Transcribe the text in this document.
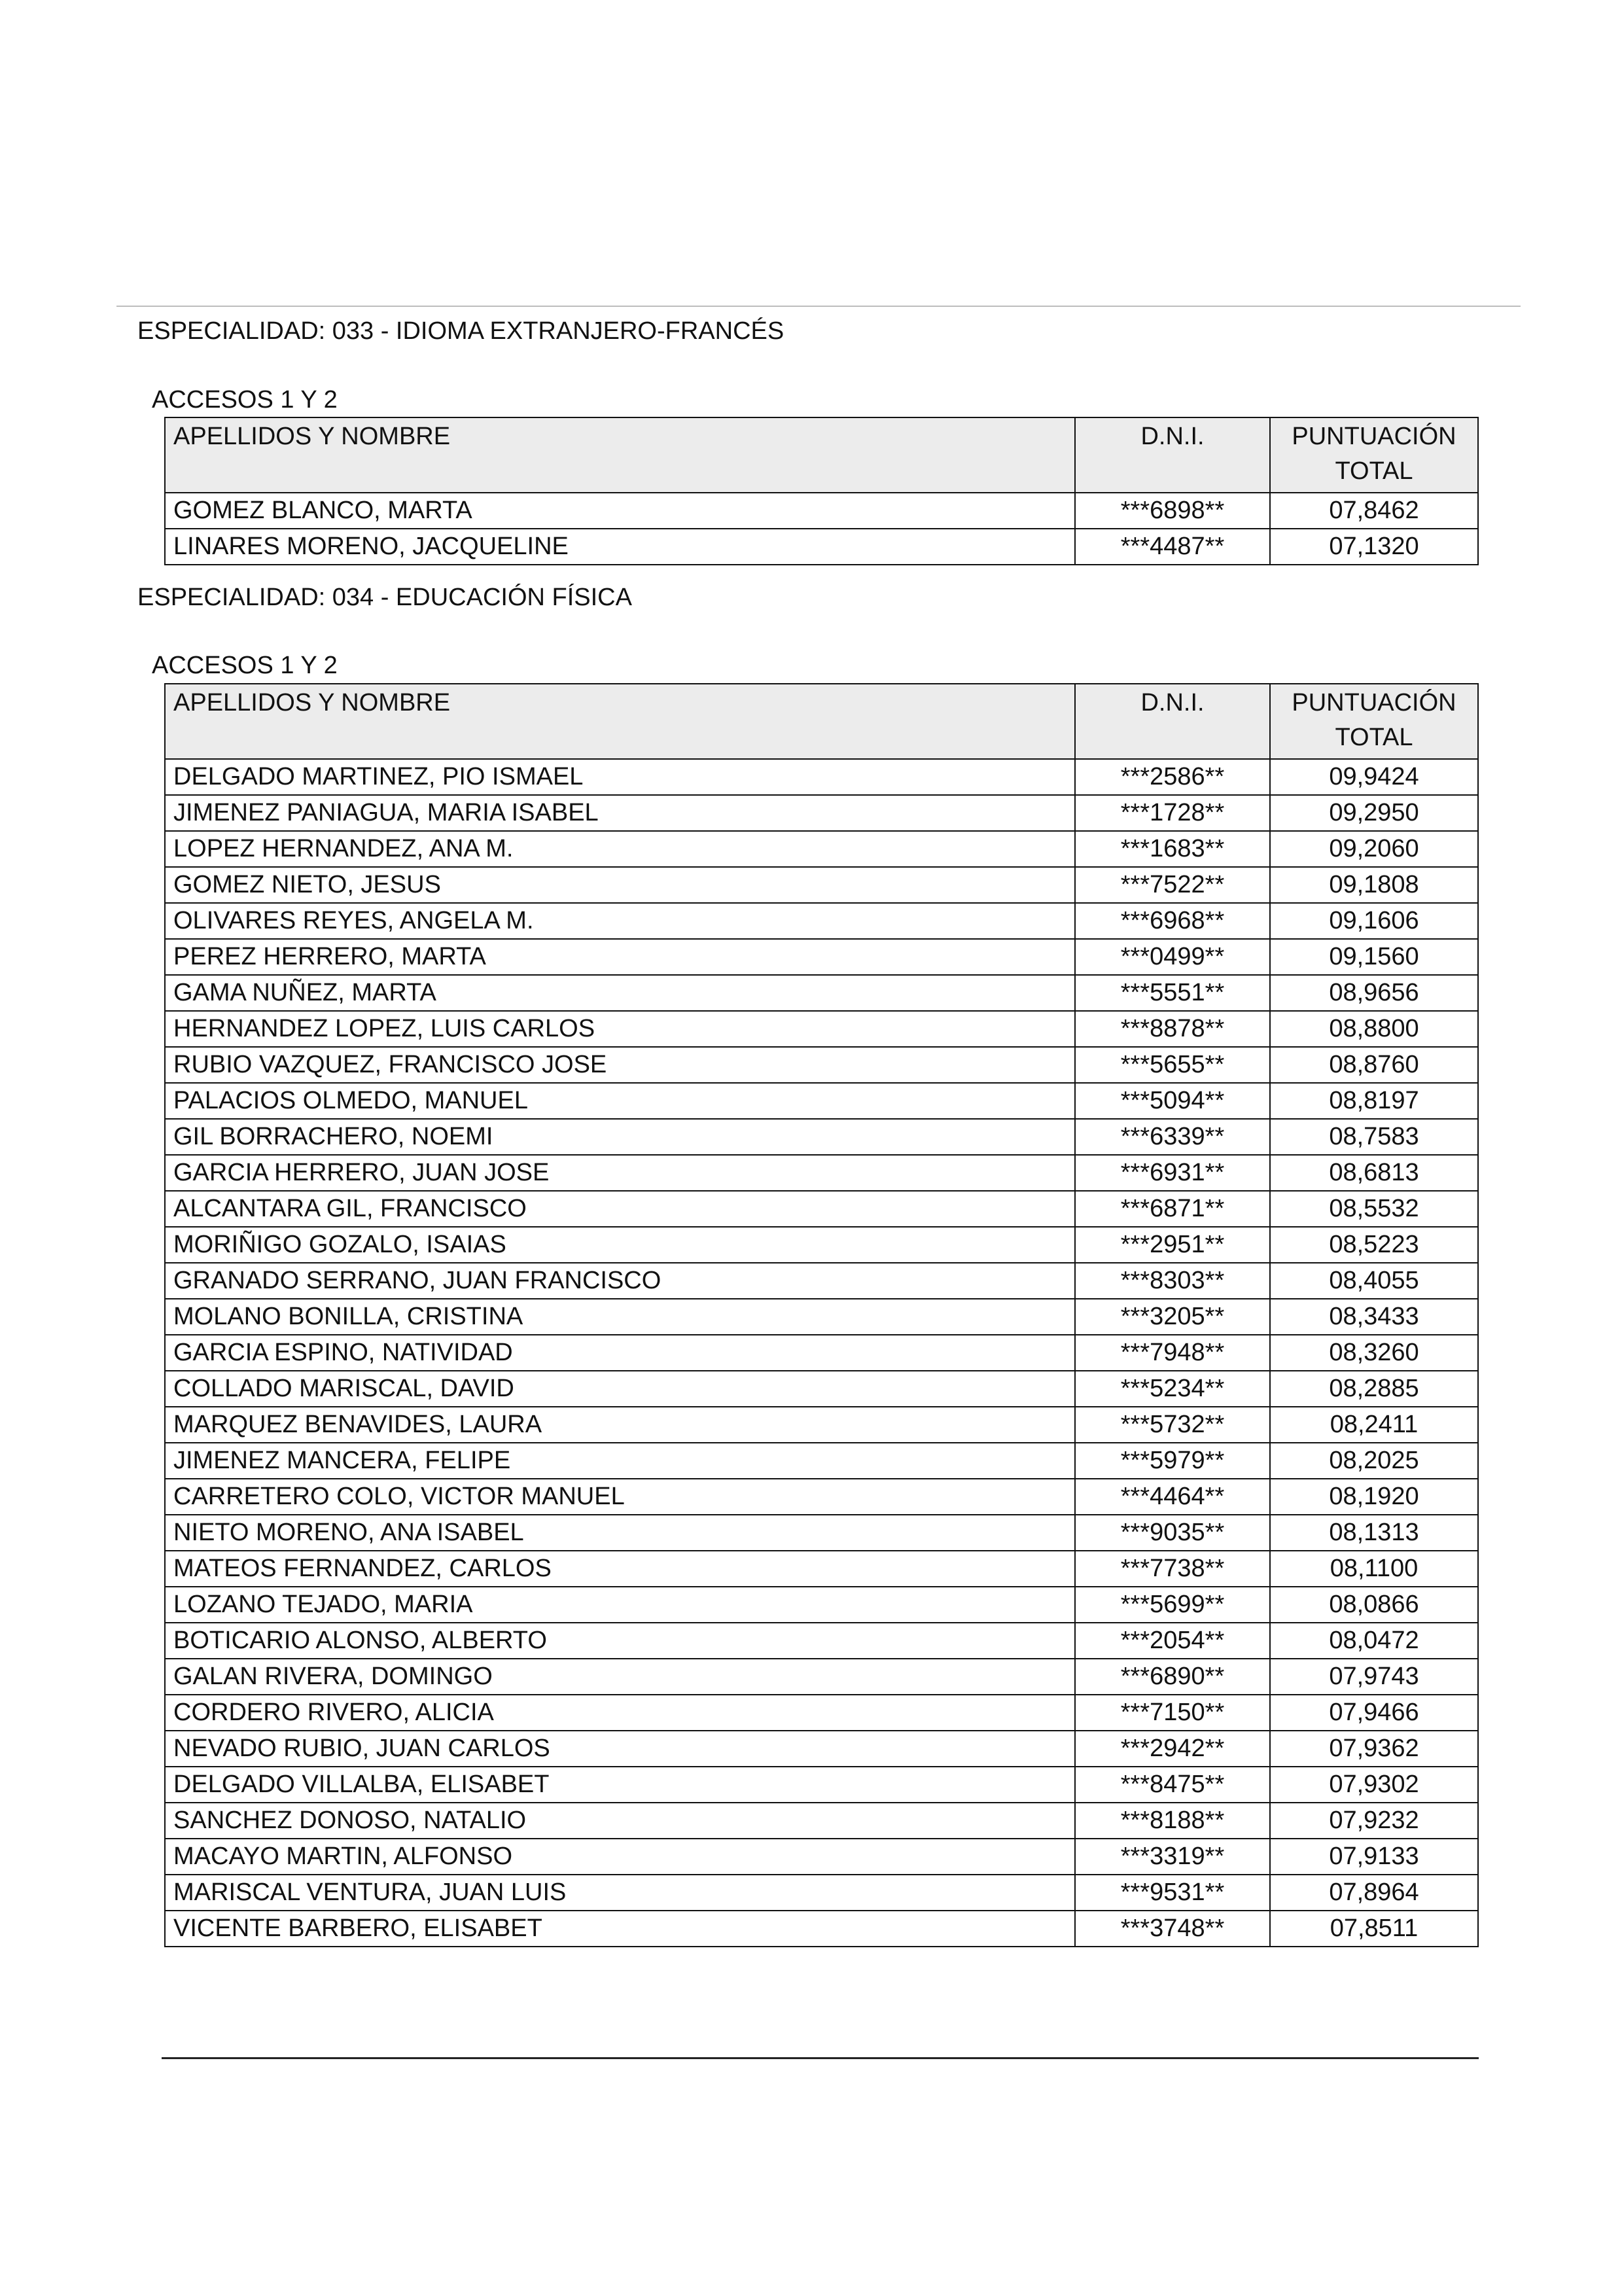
ESPECIALIDAD: 033 - IDIOMA EXTRANJERO-FRANCÉS
ACCESOS 1 Y 2
APELLIDOS Y NOMBRE	D.N.I.	PUNTUACIÓN TOTAL
GOMEZ BLANCO, MARTA	***6898**	07,8462
LINARES MORENO, JACQUELINE	***4487**	07,1320
ESPECIALIDAD: 034 - EDUCACIÓN FÍSICA
ACCESOS 1 Y 2
APELLIDOS Y NOMBRE	D.N.I.	PUNTUACIÓN TOTAL
DELGADO MARTINEZ, PIO ISMAEL	***2586**	09,9424
JIMENEZ PANIAGUA, MARIA ISABEL	***1728**	09,2950
LOPEZ HERNANDEZ, ANA M.	***1683**	09,2060
GOMEZ NIETO, JESUS	***7522**	09,1808
OLIVARES REYES, ANGELA M.	***6968**	09,1606
PEREZ HERRERO, MARTA	***0499**	09,1560
GAMA NUÑEZ, MARTA	***5551**	08,9656
HERNANDEZ LOPEZ, LUIS CARLOS	***8878**	08,8800
RUBIO VAZQUEZ, FRANCISCO JOSE	***5655**	08,8760
PALACIOS OLMEDO, MANUEL	***5094**	08,8197
GIL BORRACHERO, NOEMI	***6339**	08,7583
GARCIA HERRERO, JUAN JOSE	***6931**	08,6813
ALCANTARA GIL, FRANCISCO	***6871**	08,5532
MORIÑIGO GOZALO, ISAIAS	***2951**	08,5223
GRANADO SERRANO, JUAN FRANCISCO	***8303**	08,4055
MOLANO BONILLA, CRISTINA	***3205**	08,3433
GARCIA ESPINO, NATIVIDAD	***7948**	08,3260
COLLADO MARISCAL, DAVID	***5234**	08,2885
MARQUEZ BENAVIDES, LAURA	***5732**	08,2411
JIMENEZ MANCERA, FELIPE	***5979**	08,2025
CARRETERO COLO, VICTOR MANUEL	***4464**	08,1920
NIETO MORENO, ANA ISABEL	***9035**	08,1313
MATEOS FERNANDEZ, CARLOS	***7738**	08,1100
LOZANO TEJADO, MARIA	***5699**	08,0866
BOTICARIO ALONSO, ALBERTO	***2054**	08,0472
GALAN RIVERA, DOMINGO	***6890**	07,9743
CORDERO RIVERO, ALICIA	***7150**	07,9466
NEVADO RUBIO, JUAN CARLOS	***2942**	07,9362
DELGADO VILLALBA, ELISABET	***8475**	07,9302
SANCHEZ DONOSO, NATALIO	***8188**	07,9232
MACAYO MARTIN, ALFONSO	***3319**	07,9133
MARISCAL VENTURA, JUAN LUIS	***9531**	07,8964
VICENTE BARBERO, ELISABET	***3748**	07,8511
